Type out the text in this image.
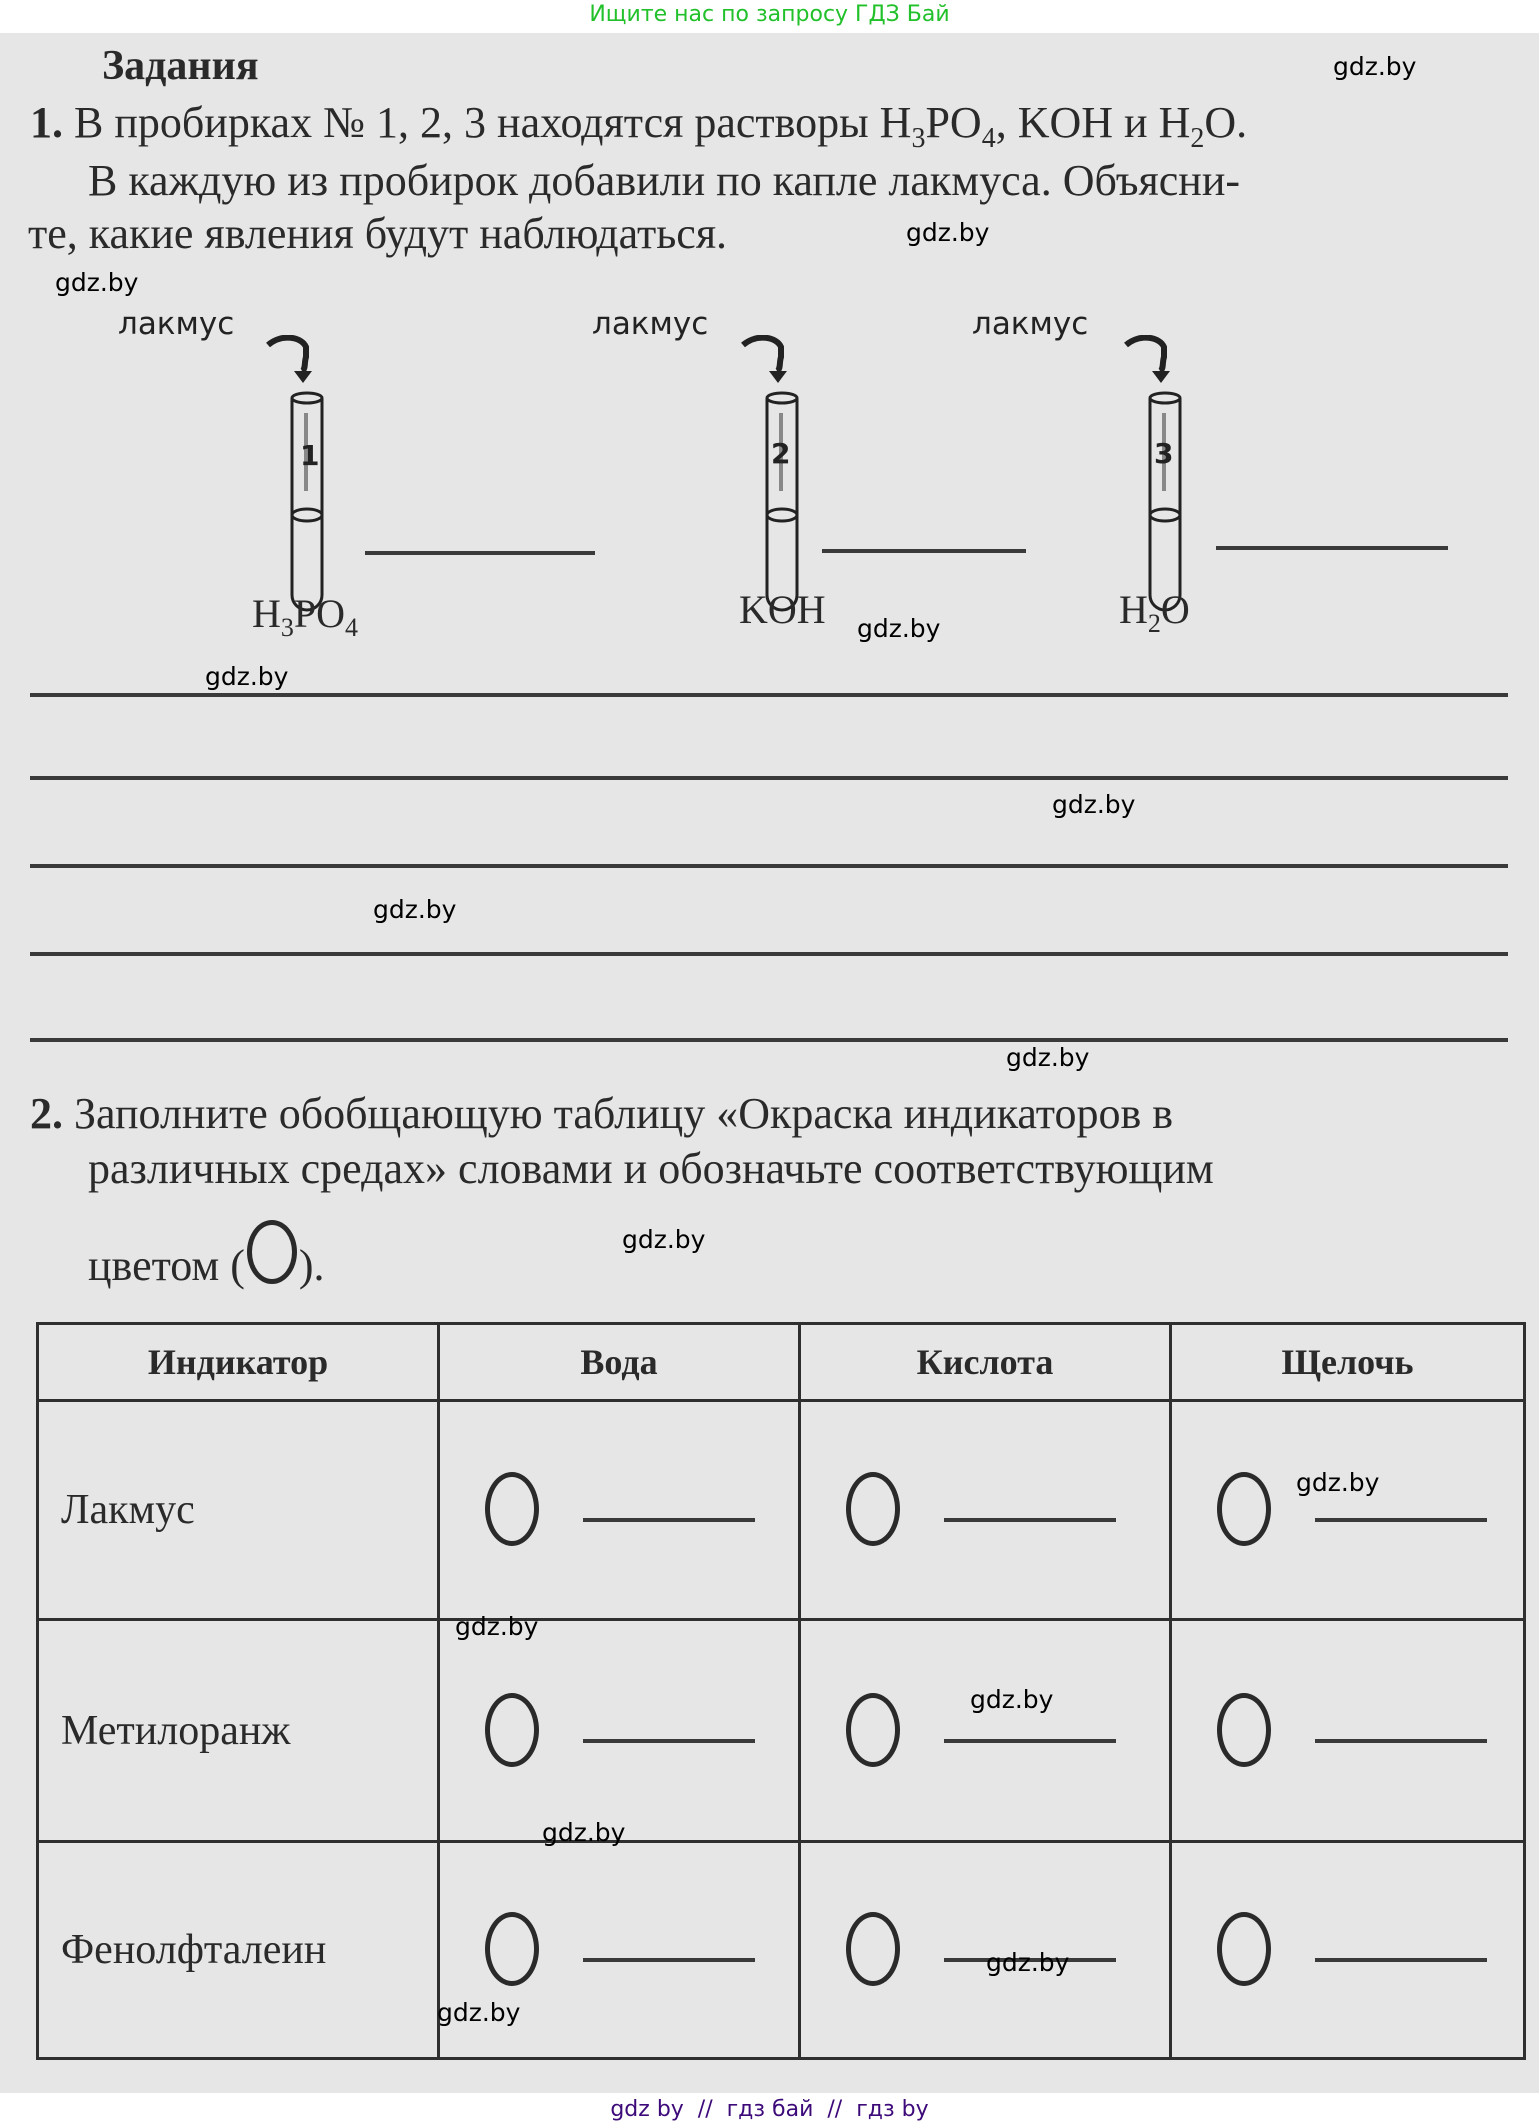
Ищите нас по запросу ГДЗ Бай
Задания
1. В пробирках № 1, 2, 3 находятся растворы $H_3PO_4$, KOH и $H_2O$.
В каждую из пробирок добавили по капле лакмуса. Объясни-
те, какие явления будут наблюдаться.
лакмус	лакмус	лакмус
1	2	3
$H_3PO_4$	KOH	$H_2O$
2. Заполните обобщающую таблицу «Окраска индикаторов в
различных средах» словами и обозначьте соответствующим
цветом ( ).
Индикатор	Вода	Кислота	Щелочь
Лакмус	

Метилоранж	

Фенолфталеин	

gdz.by
gdz.by
gdz.by
gdz.by
gdz.by
gdz.by
gdz.by
gdz.by
gdz.by
gdz.by
gdz.by
gdz.by
gdz.by
gdz.by
gdz.by
gdz by  //  гдз бай  //  гдз by
